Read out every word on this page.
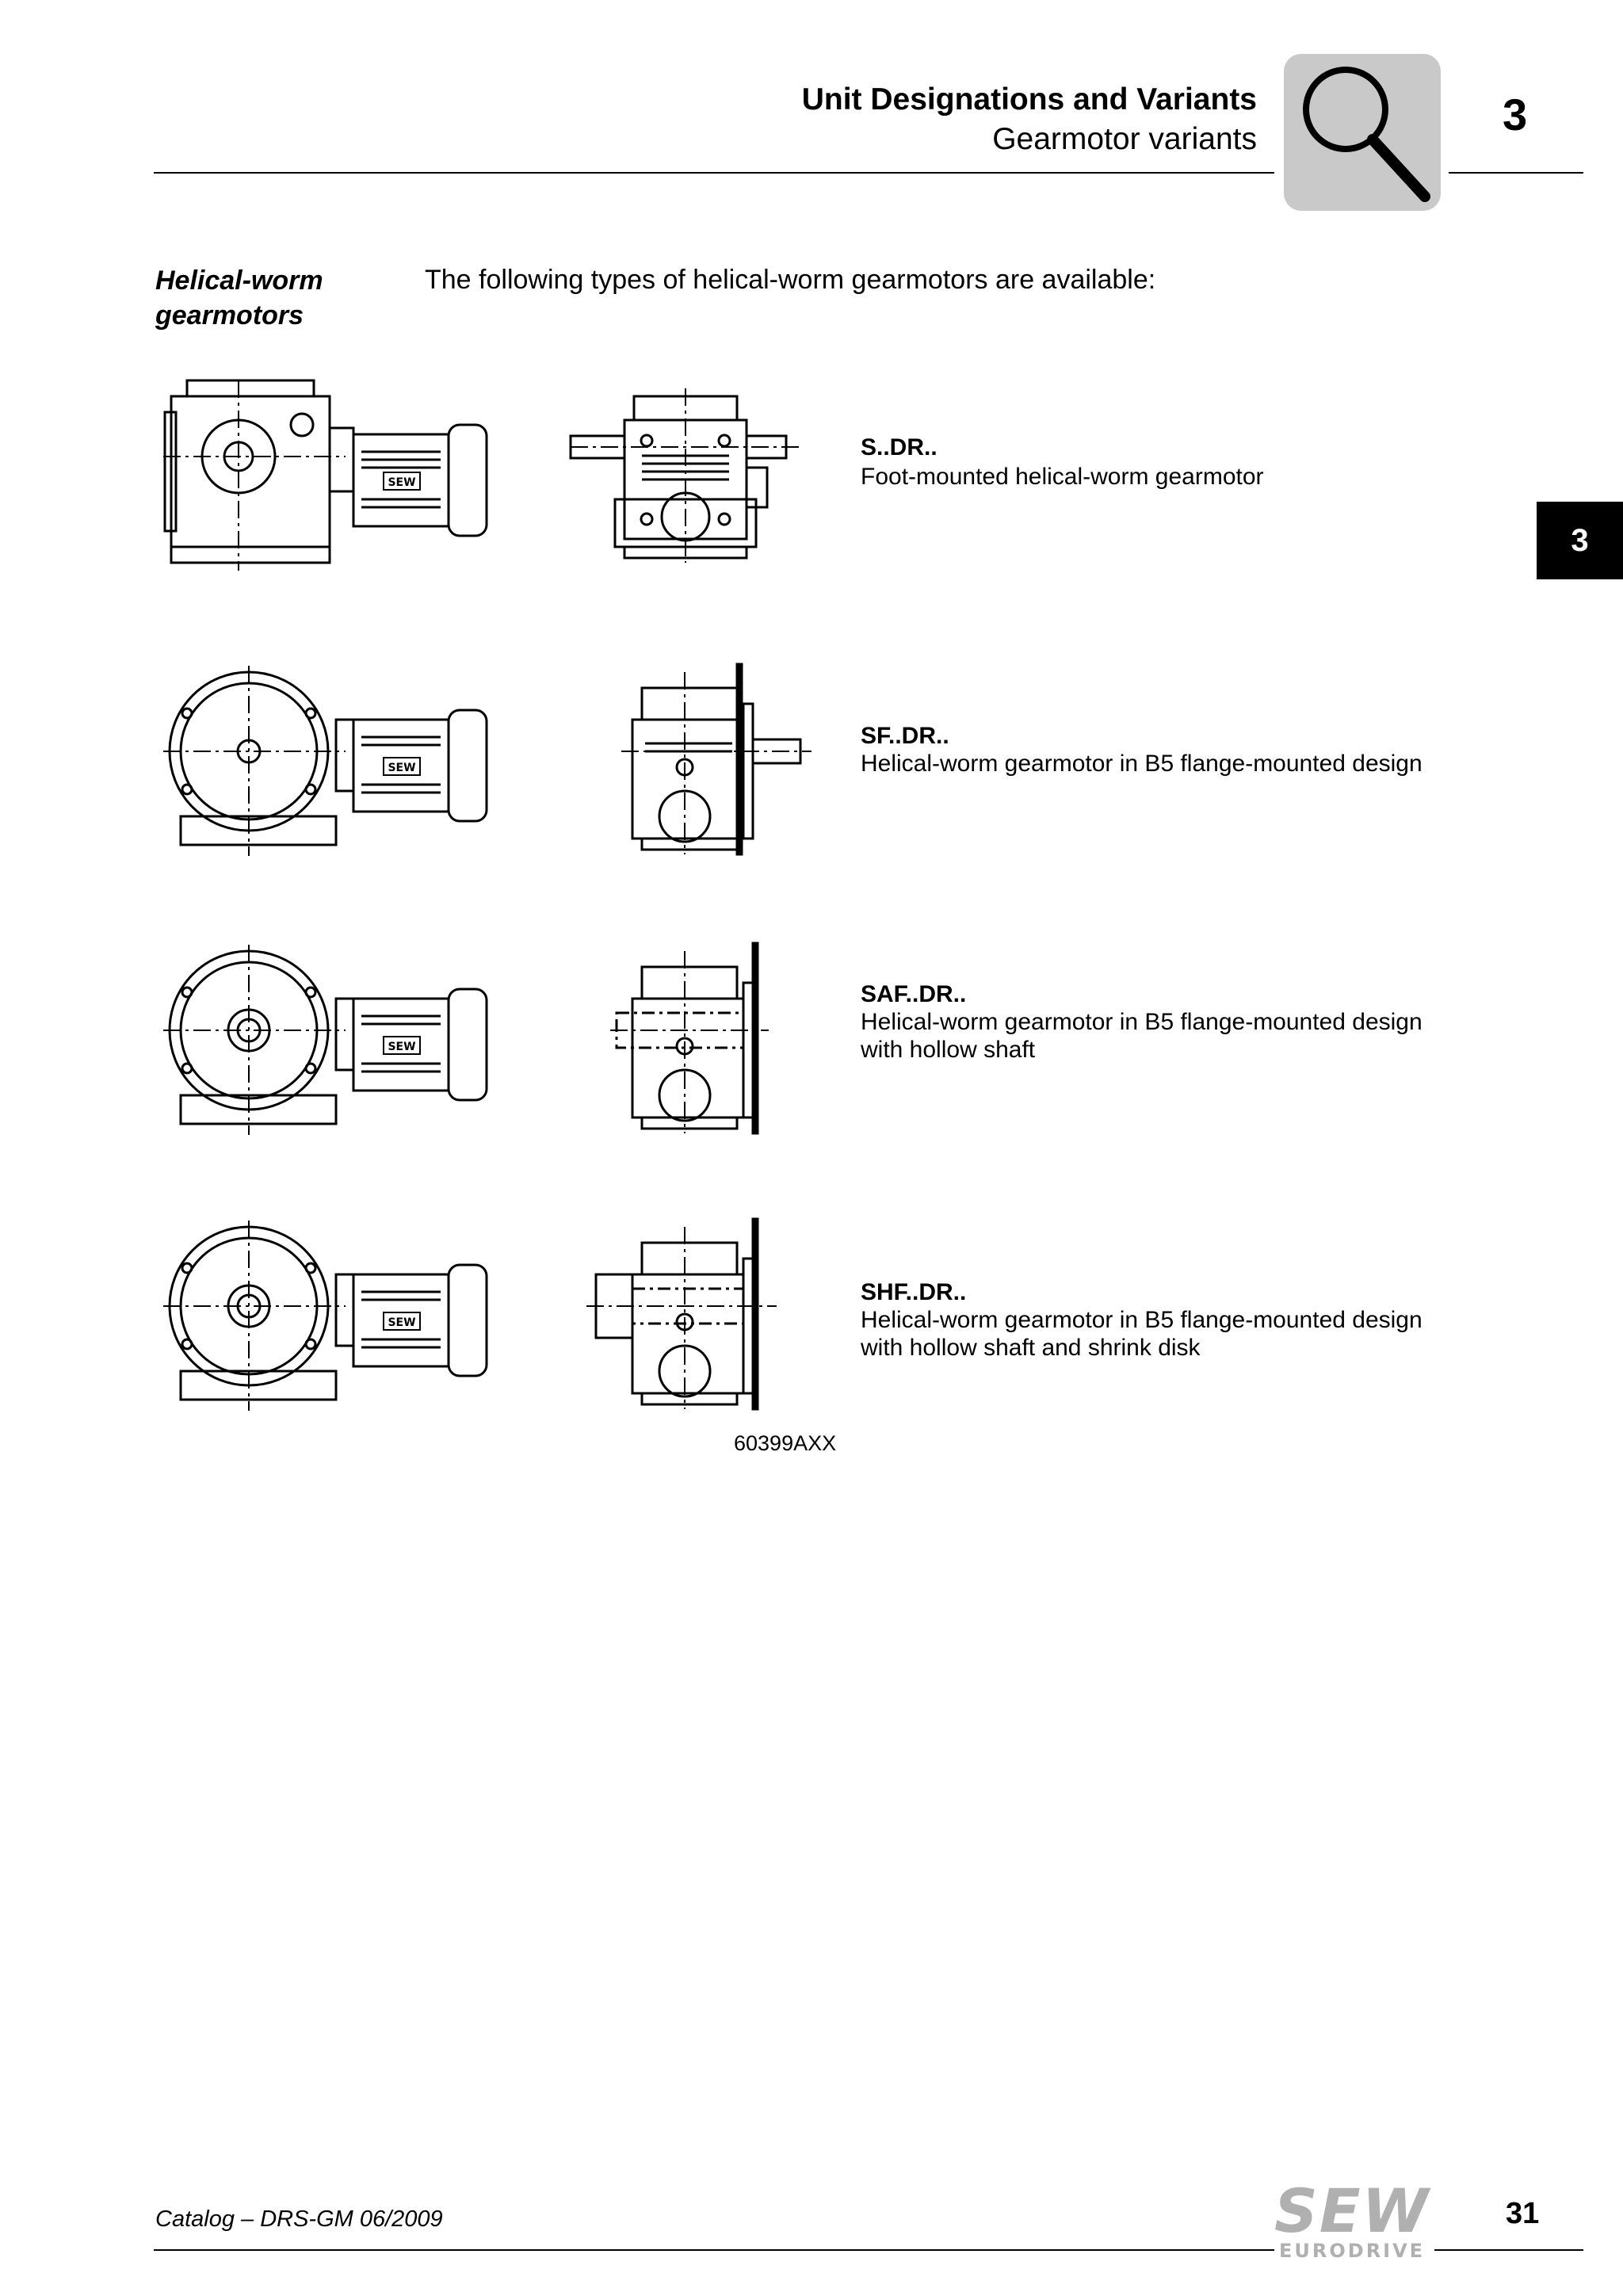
Unit Designations and Variants
Gearmotor variants	3
3
Helical-worm gearmotors
The following types of helical-worm gearmotors are available:
SEW
S..DR..
Foot-mounted helical-worm gearmotor
SEW
SF..DR..
Helical-worm gearmotor in B5 flange-mounted design
SEW
SAF..DR..
Helical-worm gearmotor in B5 flange-mounted design with hollow shaft
SEW
SHF..DR..
Helical-worm gearmotor in B5 flange-mounted design with hollow shaft and shrink disk
60399AXX
Catalog – DRS-GM 06/2009	SEW
EURODRIVE
31
